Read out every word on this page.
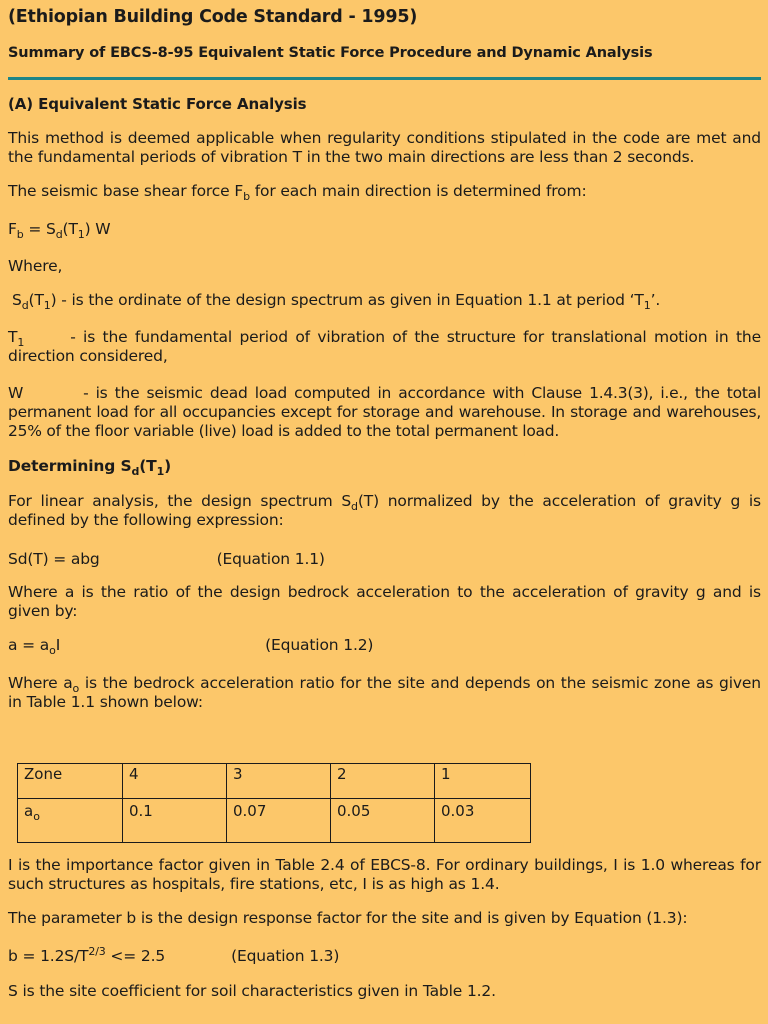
(Ethiopian Building Code Standard - 1995)
Summary of EBCS-8-95 Equivalent Static Force Procedure and Dynamic Analysis
(A) Equivalent Static Force Analysis
This method is deemed applicable when regularity conditions stipulated in the code are met and the fundamental periods of vibration T in the two main directions are less than 2 seconds.
The seismic base shear force $F_b$ for each main direction is determined from:
$F_b = S_d(T_1)$ W
Where,
$S_d(T_1)$ - is the ordinate of the design spectrum as given in Equation 1.1 at period ‘$T_1$’.
$T_1$	- is the fundamental period of vibration of the structure for translational motion in the direction considered,
W	- is the seismic dead load computed in accordance with Clause 1.4.3(3), i.e., the total permanent load for all occupancies except for storage and warehouse. In storage and warehouses, 25% of the floor variable (live) load is added to the total permanent load.
Determining $S_d(T_1)$
For linear analysis, the design spectrum $S_d(T)$ normalized by the acceleration of gravity g is defined by the following expression:
Sd(T) = abg	(Equation 1.1)
Where a is the ratio of the design bedrock acceleration to the acceleration of gravity g and is given by:
$a = a_oI$	(Equation 1.2)
Where $a_o$ is the bedrock acceleration ratio for the site and depends on the seismic zone as given in Table 1.1 shown below:
Zone	4	3	2	1
$a_o$	0.1	0.07	0.05	0.03
I is the importance factor given in Table 2.4 of EBCS-8. For ordinary buildings, I is 1.0 whereas for such structures as hospitals, fire stations, etc, I is as high as 1.4.
The parameter b is the design response factor for the site and is given by Equation (1.3):
$b = 1.2S/T^{2/3} <= 2.5$	(Equation 1.3)
S is the site coefficient for soil characteristics given in Table 1.2.
